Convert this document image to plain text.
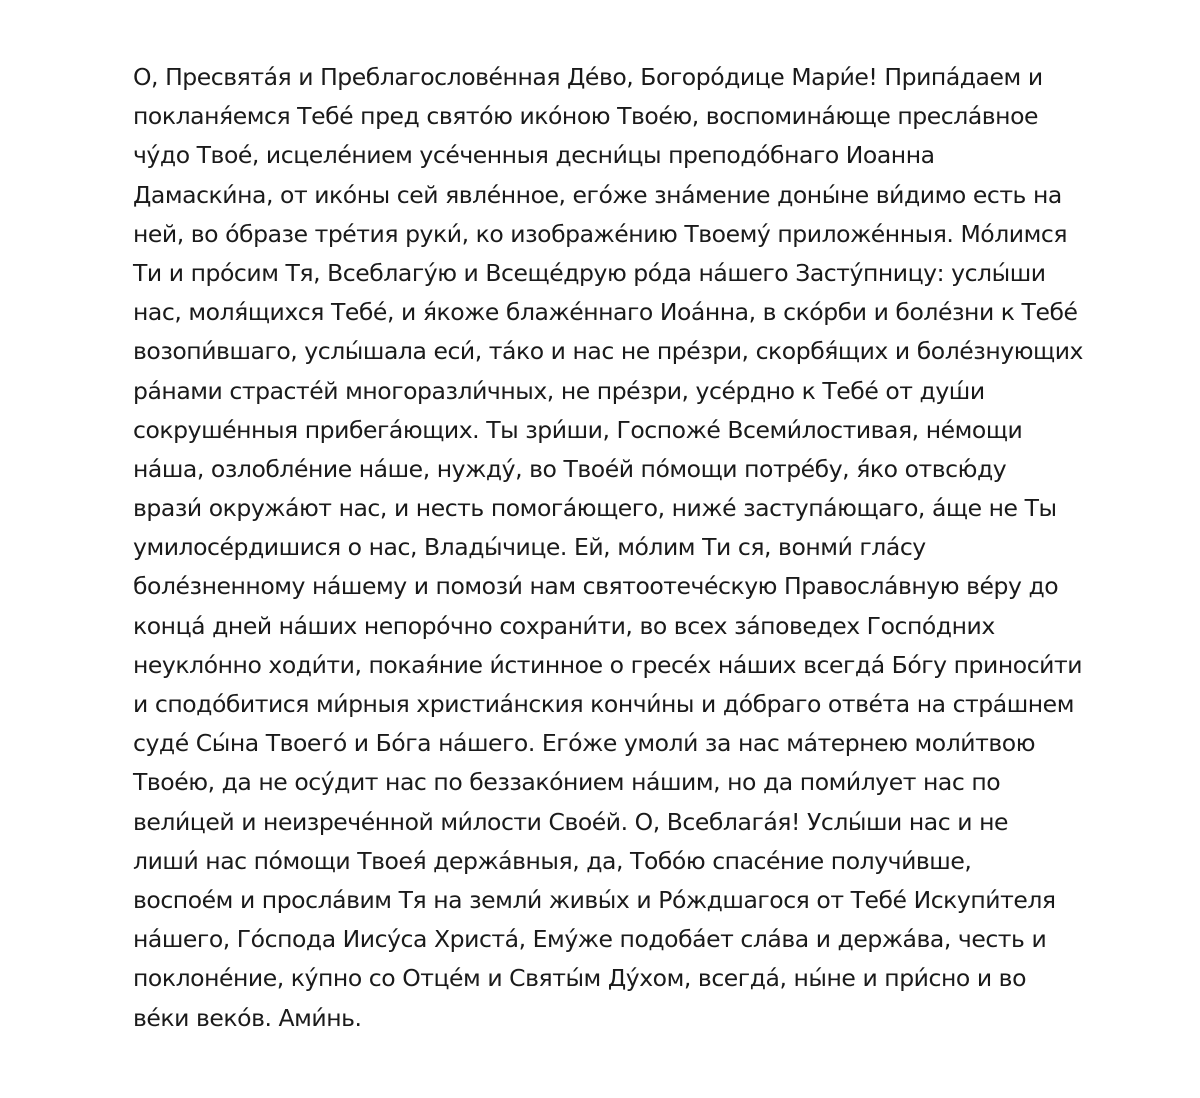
О, Пресвята́я и Преблагослове́нная Де́во, Богоро́дице Мари́е! Припа́даем и
покланя́емся Тебе́ пред свято́ю ико́ною Твое́ю, воспомина́юще пресла́вное
чу́до Твое́, исцеле́нием усе́ченныя десни́цы преподо́бнаго Иоанна
Дамаски́на, от ико́ны сей явле́нное, его́же зна́мение доны́не ви́димо есть на
ней, во о́бразе тре́тия руки́, ко изображе́нию Твоему́ приложе́нныя. Мо́лимся
Ти и про́сим Тя, Всеблагу́ю и Всеще́друю ро́да на́шего Засту́пницу: услы́ши
нас, моля́щихся Тебе́, и я́коже блаже́ннаго Иоа́нна, в ско́рби и боле́зни к Тебе́
возопи́вшаго, услы́шала еси́, та́ко и нас не пре́зри, скорбя́щих и боле́знующих
ра́нами страсте́й многоразли́чных, не пре́зри, усе́рдно к Тебе́ от душ́и
сокруше́нныя прибега́ющих. Ты зри́ши, Госпоже́ Всеми́лостивая, не́мощи
на́ша, озлобле́ние на́ше, нужду́, во Твое́й по́мощи потре́бу, я́ко отвсю́ду
врази́ окружа́ют нас, и несть помога́ющего, ниже́ заступа́ющаго, а́ще не Ты
умилосе́рдишися о нас, Влады́чице. Ей, мо́лим Ти ся, вонми́ гла́су
боле́зненному на́шему и помози́ нам святоотече́скую Правосла́вную ве́ру до
конца́ дней на́ших непоро́чно сохрани́ти, во всех за́поведех Госпо́дних
неукло́нно ходи́ти, покая́ние и́стинное о гресе́х на́ших всегда́ Бо́гу приноси́ти
и сподо́битися ми́рныя христиа́нския кончи́ны и до́браго отве́та на стра́шнем
суде́ Сы́на Твоего́ и Бо́га на́шего. Его́же умоли́ за нас ма́тернею моли́твою
Твое́ю, да не осу́дит нас по беззако́нием на́шим, но да поми́лует нас по
вели́цей и неизрече́нной ми́лости Свое́й. О, Всеблага́я! Услы́ши нас и не
лиши́ нас по́мощи Твоея́ держа́вныя, да, Тобо́ю спасе́ние получи́вше,
воспое́м и просла́вим Тя на земли́ живы́х и Ро́ждшагося от Тебе́ Искупи́теля
на́шего, Го́спода Иису́са Христа́, Ему́же подоба́ет сла́ва и держа́ва, честь и
поклоне́ние, ку́пно со Отце́м и Святы́м Ду́хом, всегда́, ны́не и при́сно и во
ве́ки веко́в. Ами́нь.
